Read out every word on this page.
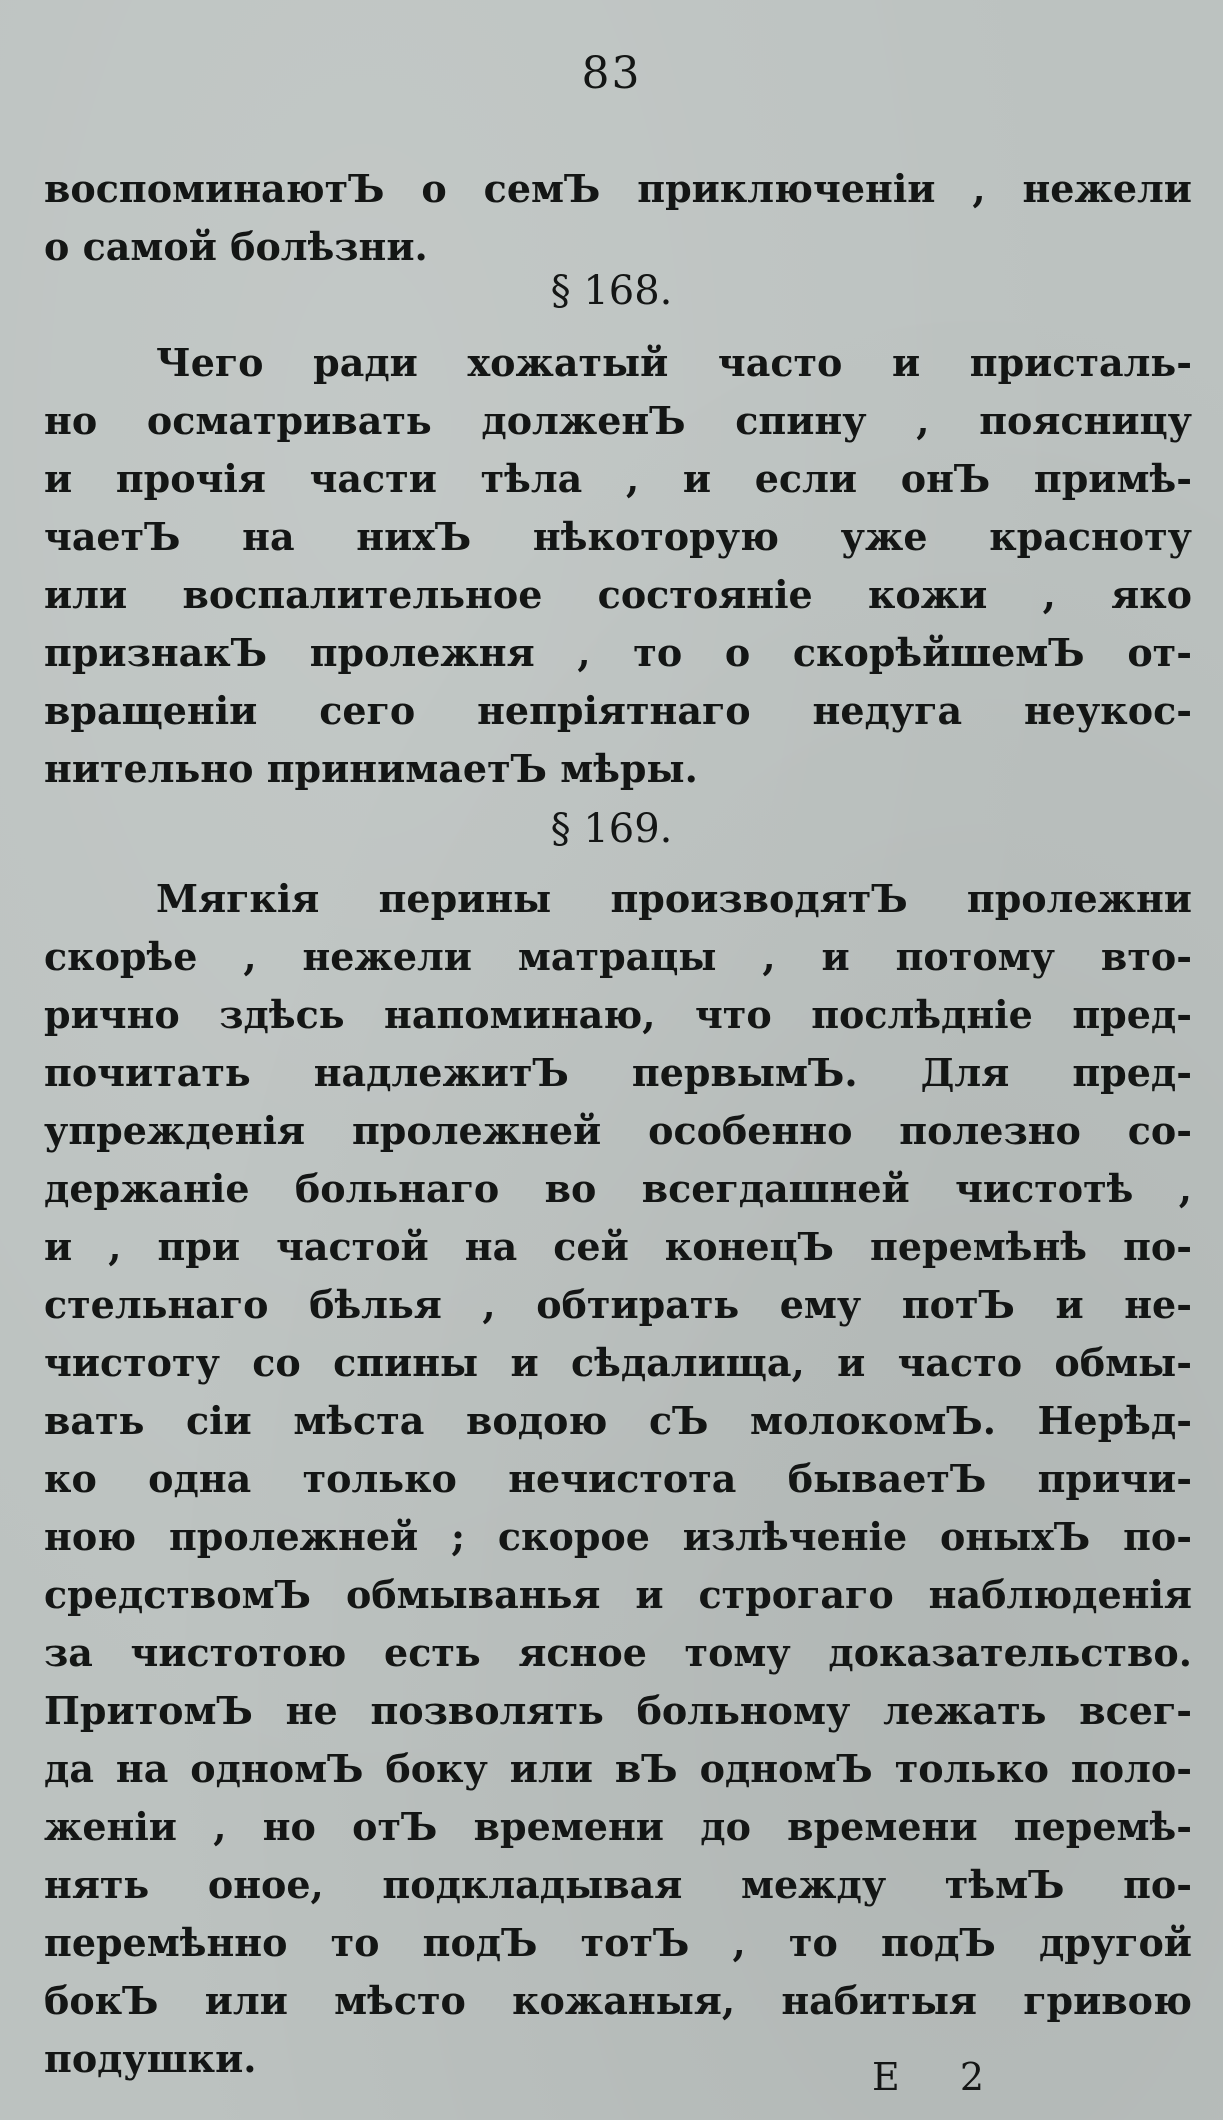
83
воспоминаютЪ о семЪ приключеніи , нежели
о самой болѣзни.
§ 168.
Чего ради хожатый часто и присталь-
но осматривать долженЪ спину , поясницу
и прочія части тѣла , и если онЪ примѣ-
чаетЪ на нихЪ нѣкоторую уже красноту
или воспалительное состояніе кожи , яко
признакЪ пролежня , то о скорѣйшемЪ от-
вращеніи сего непріятнаго недуга неукос-
нительно принимаетЪ мѣры.
§ 169.
Мягкія перины производятЪ пролежни
скорѣе , нежели матрацы , и потому вто-
рично здѣсь напоминаю, что послѣдніе пред-
почитать надлежитЪ первымЪ. Для пред-
упрежденія пролежней особенно полезно со-
держаніе больнаго во всегдашней чистотѣ ,
и , при частой на сей конецЪ перемѣнѣ по-
стельнаго бѣлья , обтирать ему потЪ и не-
чистоту со спины и сѣдалища, и часто обмы-
вать сіи мѣста водою сЪ молокомЪ. Нерѣд-
ко одна только нечистота бываетЪ причи-
ною пролежней ; скорое излѣченіе оныхЪ по-
средствомЪ обмыванья и строгаго наблюденія
за чистотою есть ясное тому доказательство.
ПритомЪ не позволять больному лежать всег-
да на одномЪ боку или вЪ одномЪ только поло-
женіи , но отЪ времени до времени перемѣ-
нять оное, подкладывая между тѣмЪ по-
перемѣнно то подЪ тотЪ , то подЪ другой
бокЪ или мѣсто кожаныя, набитыя гривою
подушки.	Е 2
